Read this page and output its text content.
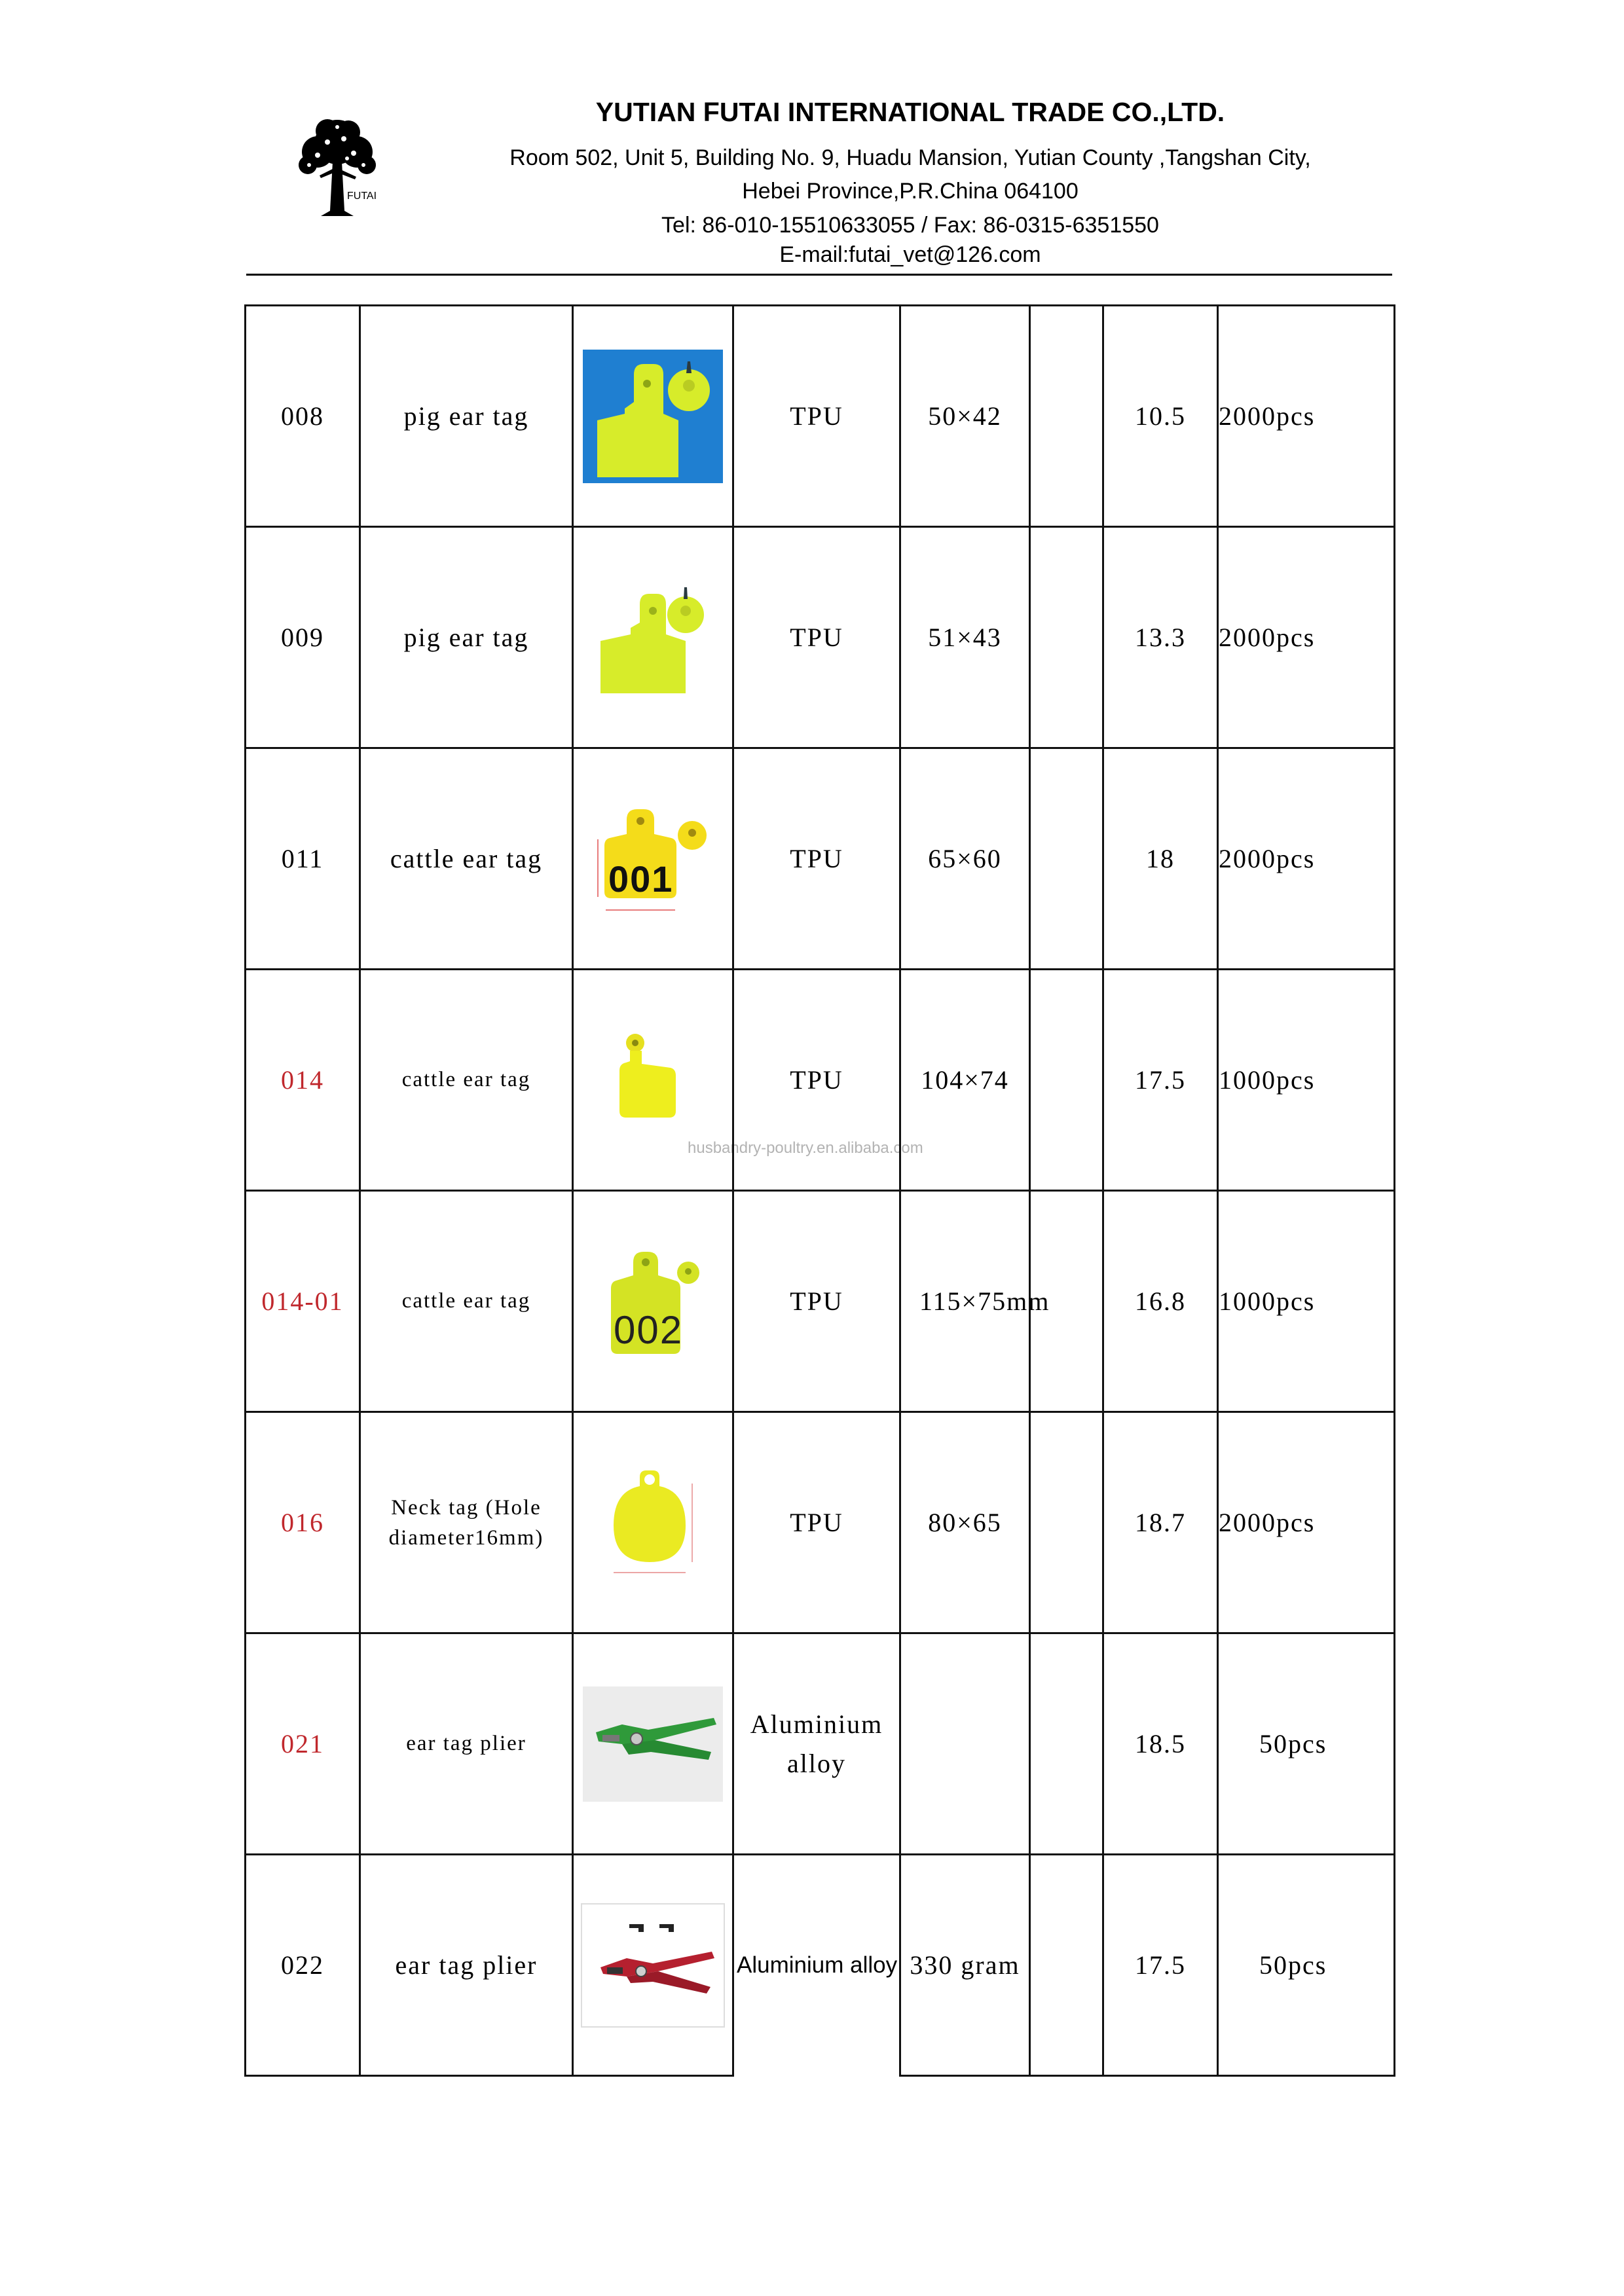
FUTAI
YUTIAN FUTAI INTERNATIONAL TRADE CO.,LTD.
Room 502, Unit 5, Building No. 9, Huadu Mansion, Yutian County ,Tangshan City,
Hebei Province,P.R.China 064100
Tel: 86-010-15510633055 / Fax: 86-0315-6351550
E-mail:futai_vet@126.com
husbandry-poultry.en.alibaba.com
008	pig ear tag		TPU	50×42		10.5	2000pcs
009	pig ear tag		TPU	51×43		13.3	2000pcs
011	cattle ear tag	001	TPU	65×60		18	2000pcs
014	cattle ear tag		TPU	104×74		17.5	1000pcs
014-01	cattle ear tag	002	TPU	115×75mm		16.8	1000pcs
016	Neck tag (Hole diameter16mm)		TPU	80×65		18.7	2000pcs
021	ear tag plier		Aluminium alloy			18.5	50pcs
022	ear tag plier		Aluminium alloy	330 gram		17.5	50pcs
